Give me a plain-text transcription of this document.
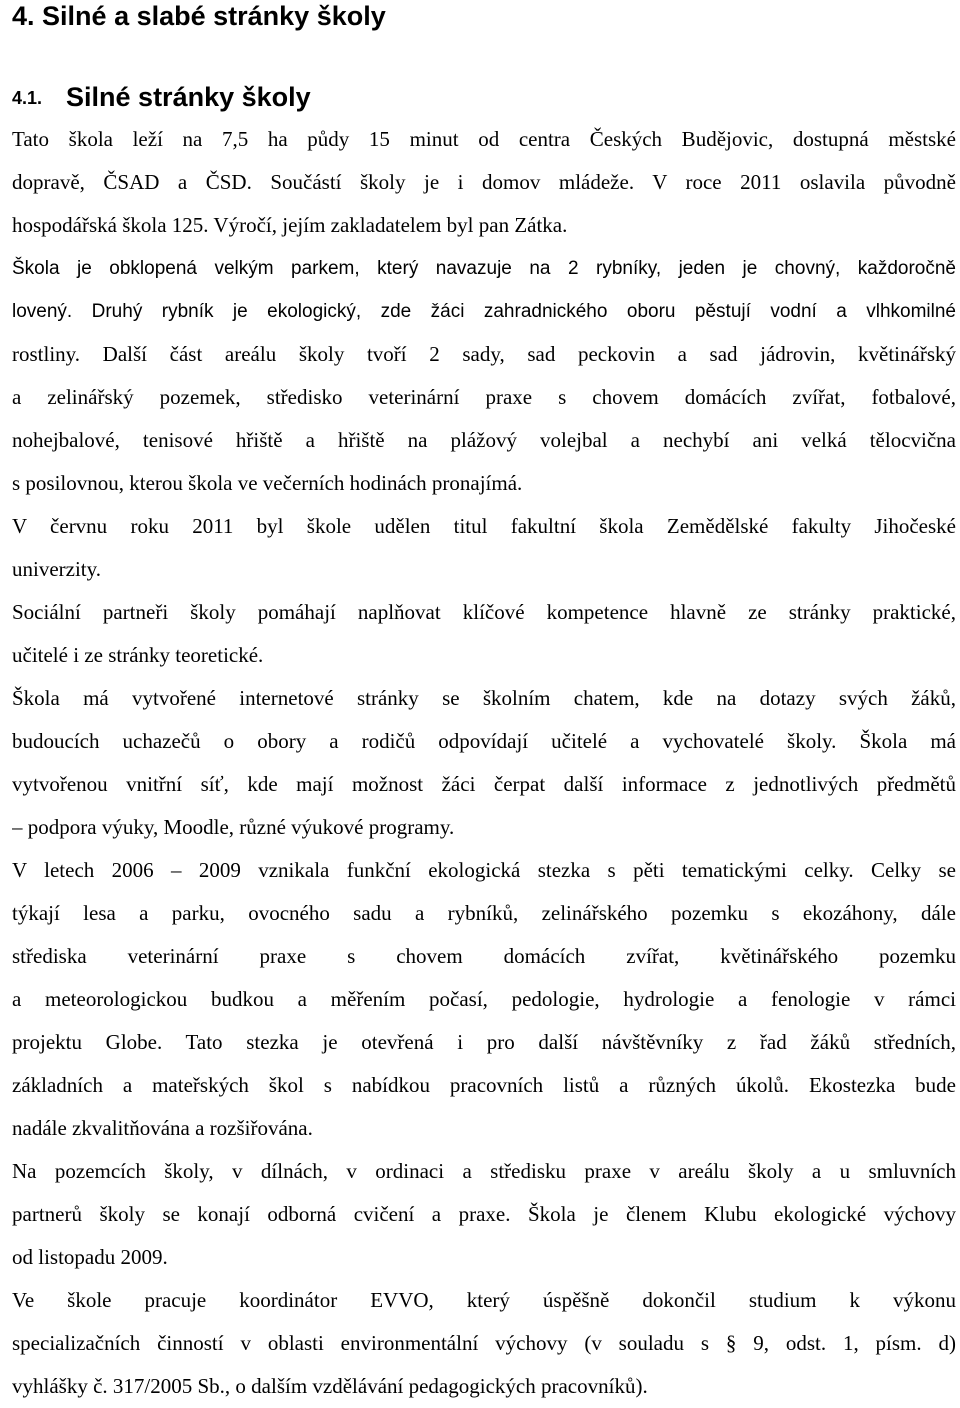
4. Silné a slabé stránky školy
4.1. Silné stránky školy

Tato škola leží na 7,5 ha půdy 15 minut od centra Českých Budějovic, dostupná městské
dopravě, ČSAD a ČSD. Součástí školy je i domov mládeže. V roce 2011 oslavila původně
hospodářská škola 125. Výročí, jejím zakladatelem byl pan Zátka.

Škola je obklopená velkým parkem, který navazuje na 2 rybníky, jeden je chovný, každoročně
lovený. Druhý rybník je ekologický, zde žáci zahradnického oboru pěstují vodní a vlhkomilné

rostliny. Další část areálu školy tvoří 2 sady, sad peckovin a sad jádrovin, květinářský
a zelinářský pozemek, středisko veterinární praxe s chovem domácích zvířat, fotbalové,
nohejbalové, tenisové hřiště a hřiště na plážový volejbal a nechybí ani velká tělocvična
s posilovnou, kterou škola ve večerních hodinách pronajímá.

V červnu roku 2011 byl škole udělen titul fakultní škola Zemědělské fakulty Jihočeské
univerzity.

Sociální partneři školy pomáhají naplňovat klíčové kompetence hlavně ze stránky praktické,
učitelé i ze stránky teoretické.

Škola má vytvořené internetové stránky se školním chatem, kde na dotazy svých žáků,
budoucích uchazečů o obory a rodičů odpovídají učitelé a vychovatelé školy. Škola má
vytvořenou vnitřní síť, kde mají možnost žáci čerpat další informace z jednotlivých předmětů
– podpora výuky, Moodle, různé výukové programy.

V letech 2006 – 2009 vznikala funkční ekologická stezka s pěti tematickými celky. Celky se
týkají lesa a parku, ovocného sadu a rybníků, zelinářského pozemku s ekozáhony, dále
střediska veterinární praxe s chovem domácích zvířat, květinářského pozemku
a meteorologickou budkou a měřením počasí, pedologie, hydrologie a fenologie v rámci
projektu Globe. Tato stezka je otevřená i pro další návštěvníky z řad žáků středních,
základních a mateřských škol s nabídkou pracovních listů a různých úkolů. Ekostezka bude
nadále zkvalitňována a rozšiřována.

Na pozemcích školy, v dílnách, v ordinaci a středisku praxe v areálu školy a u smluvních
partnerů školy se konají odborná cvičení a praxe. Škola je členem Klubu ekologické výchovy
od listopadu 2009.

Ve škole pracuje koordinátor EVVO, který úspěšně dokončil studium k výkonu
specializačních činností v oblasti environmentální výchovy (v souladu s § 9, odst. 1, písm. d)
vyhlášky č. 317/2005 Sb., o dalším vzdělávání pedagogických pracovníků).
